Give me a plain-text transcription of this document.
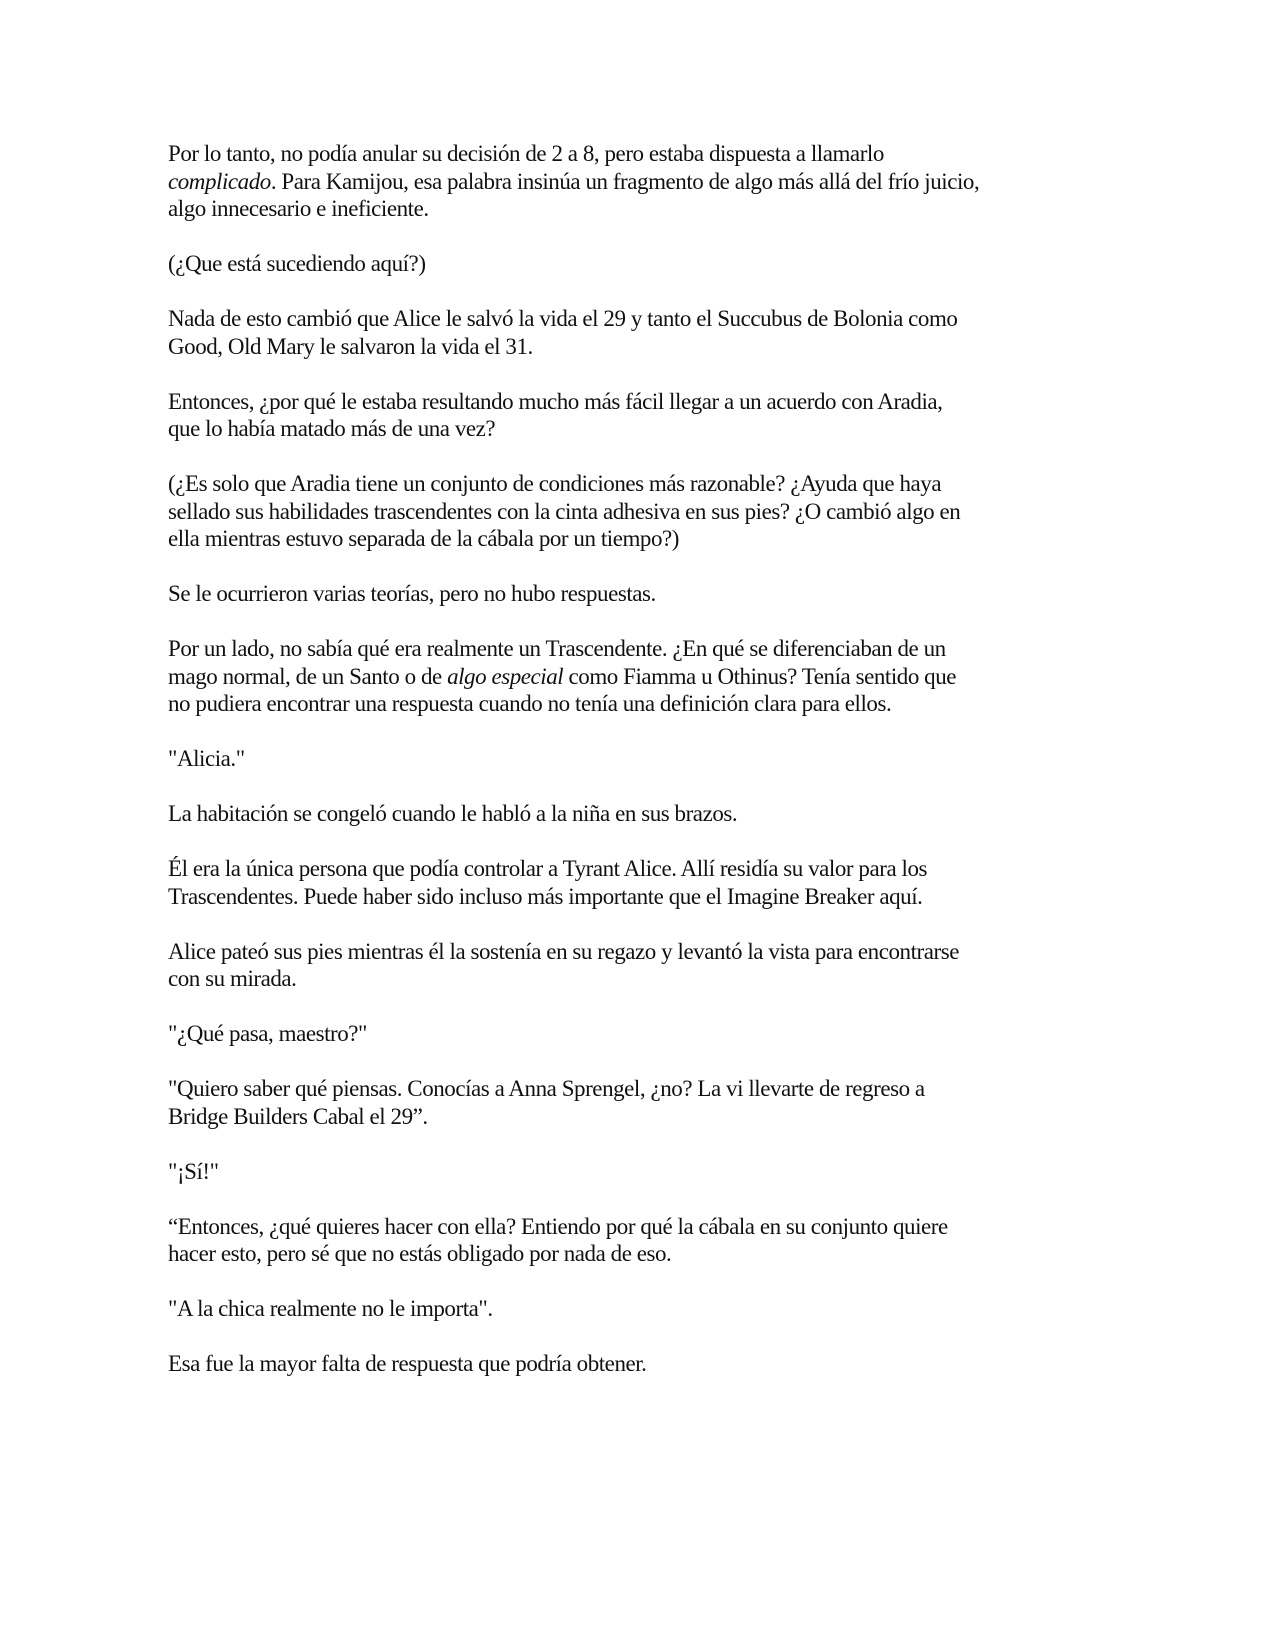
Por lo tanto, no podía anular su decisión de 2 a 8, pero estaba dispuesta a llamarlo
complicado. Para Kamijou, esa palabra insinúa un fragmento de algo más allá del frío juicio,
algo innecesario e ineficiente.
(¿Que está sucediendo aquí?)
Nada de esto cambió que Alice le salvó la vida el 29 y tanto el Succubus de Bolonia como
Good, Old Mary le salvaron la vida el 31.
Entonces, ¿por qué le estaba resultando mucho más fácil llegar a un acuerdo con Aradia,
que lo había matado más de una vez?
(¿Es solo que Aradia tiene un conjunto de condiciones más razonable? ¿Ayuda que haya
sellado sus habilidades trascendentes con la cinta adhesiva en sus pies? ¿O cambió algo en
ella mientras estuvo separada de la cábala por un tiempo?)
Se le ocurrieron varias teorías, pero no hubo respuestas.
Por un lado, no sabía qué era realmente un Trascendente. ¿En qué se diferenciaban de un
mago normal, de un Santo o de algo especial como Fiamma u Othinus? Tenía sentido que
no pudiera encontrar una respuesta cuando no tenía una definición clara para ellos.
"Alicia."
La habitación se congeló cuando le habló a la niña en sus brazos.
Él era la única persona que podía controlar a Tyrant Alice. Allí residía su valor para los
Trascendentes. Puede haber sido incluso más importante que el Imagine Breaker aquí.
Alice pateó sus pies mientras él la sostenía en su regazo y levantó la vista para encontrarse
con su mirada.
"¿Qué pasa, maestro?"
"Quiero saber qué piensas. Conocías a Anna Sprengel, ¿no? La vi llevarte de regreso a
Bridge Builders Cabal el 29”.
"¡Sí!"
“Entonces, ¿qué quieres hacer con ella? Entiendo por qué la cábala en su conjunto quiere
hacer esto, pero sé que no estás obligado por nada de eso.
"A la chica realmente no le importa".
Esa fue la mayor falta de respuesta que podría obtener.
